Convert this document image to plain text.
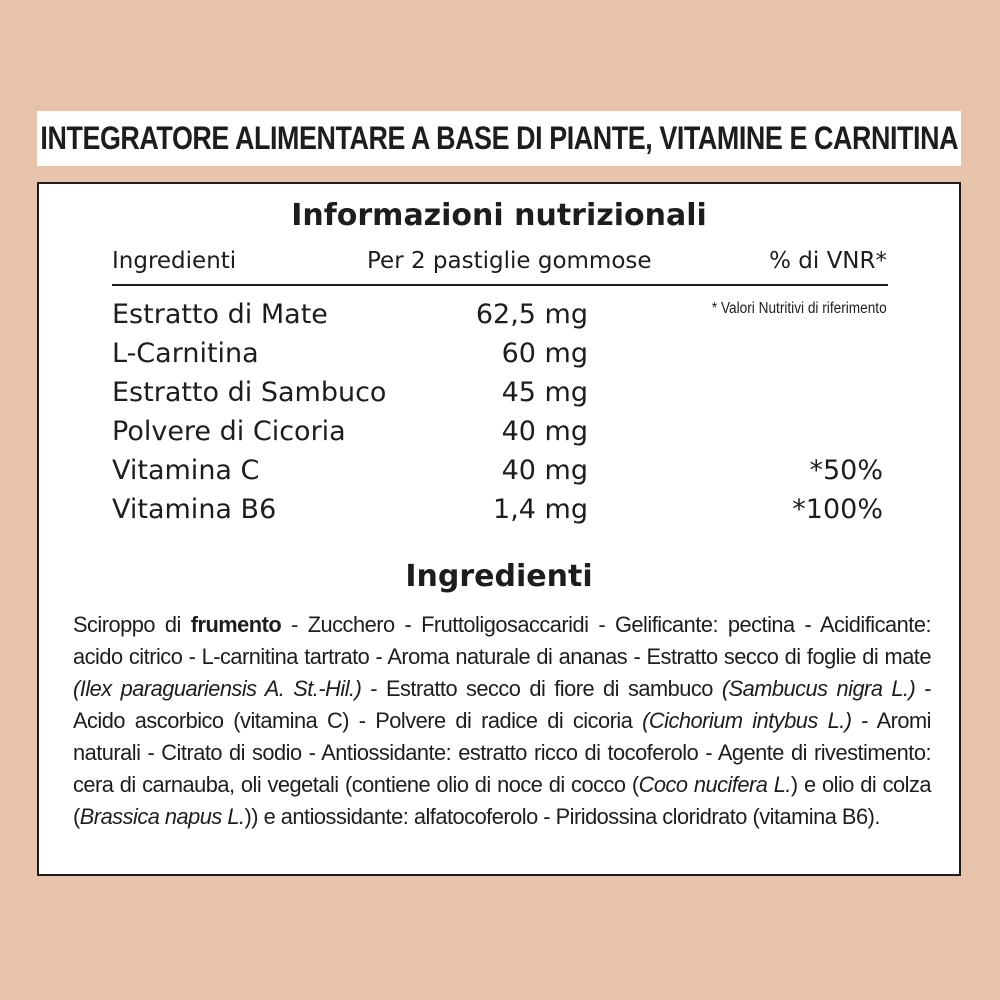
INTEGRATORE ALIMENTARE A BASE DI PIANTE, VITAMINE E CARNITINA
Informazioni nutrizionali
Ingredienti	Per 2 pastiglie gommose	% di VNR*
* Valori Nutritivi di riferimento
Estratto di Mate	62,5 mg
L-Carnitina	60 mg
Estratto di Sambuco	45 mg
Polvere di Cicoria	40 mg
Vitamina C	40 mg	*50%
Vitamina B6	1,4 mg	*100%
Ingredienti
Sciroppo di frumento - Zucchero - Fruttoligosaccaridi - Gelificante: pectina - Acidificante: acido citrico - L-carnitina tartrato - Aroma naturale di ananas - Estratto secco di foglie di mate (Ilex paraguariensis A. St.-Hil.) - Estratto secco di fiore di sambuco (Sambucus nigra L.) - Acido ascorbico (vitamina C) - Polvere di radice di cicoria (Cichorium intybus L.) - Aromi naturali - Citrato di sodio - Antiossidante: estratto ricco di tocoferolo - Agente di rivestimento: cera di carnauba, oli vegetali (contiene olio di noce di cocco (Coco nucifera L.) e olio di colza (Brassica napus L.)) e antiossidante: alfatocoferolo - Piridossina cloridrato (vitamina B6).
